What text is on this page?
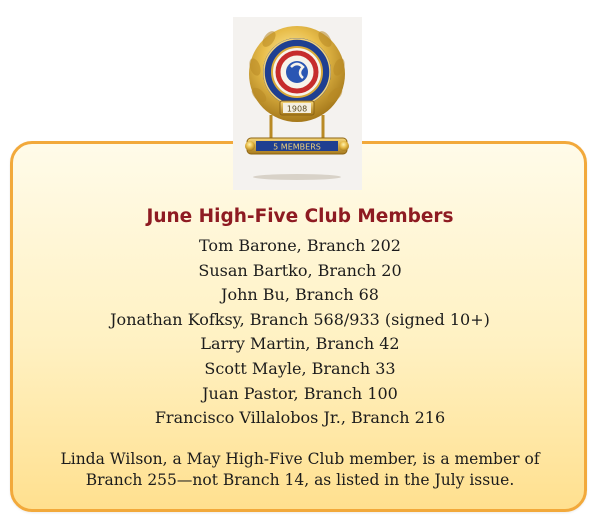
1908
5 MEMBERS
June High-Five Club Members
Tom Barone, Branch 202
Susan Bartko, Branch 20
John Bu, Branch 68
Jonathan Kofksy, Branch 568/933 (signed 10+)
Larry Martin, Branch 42
Scott Mayle, Branch 33
Juan Pastor, Branch 100
Francisco Villalobos Jr., Branch 216
Linda Wilson, a May High-Five Club member, is a member of Branch 255—not Branch 14, as listed in the July issue.
